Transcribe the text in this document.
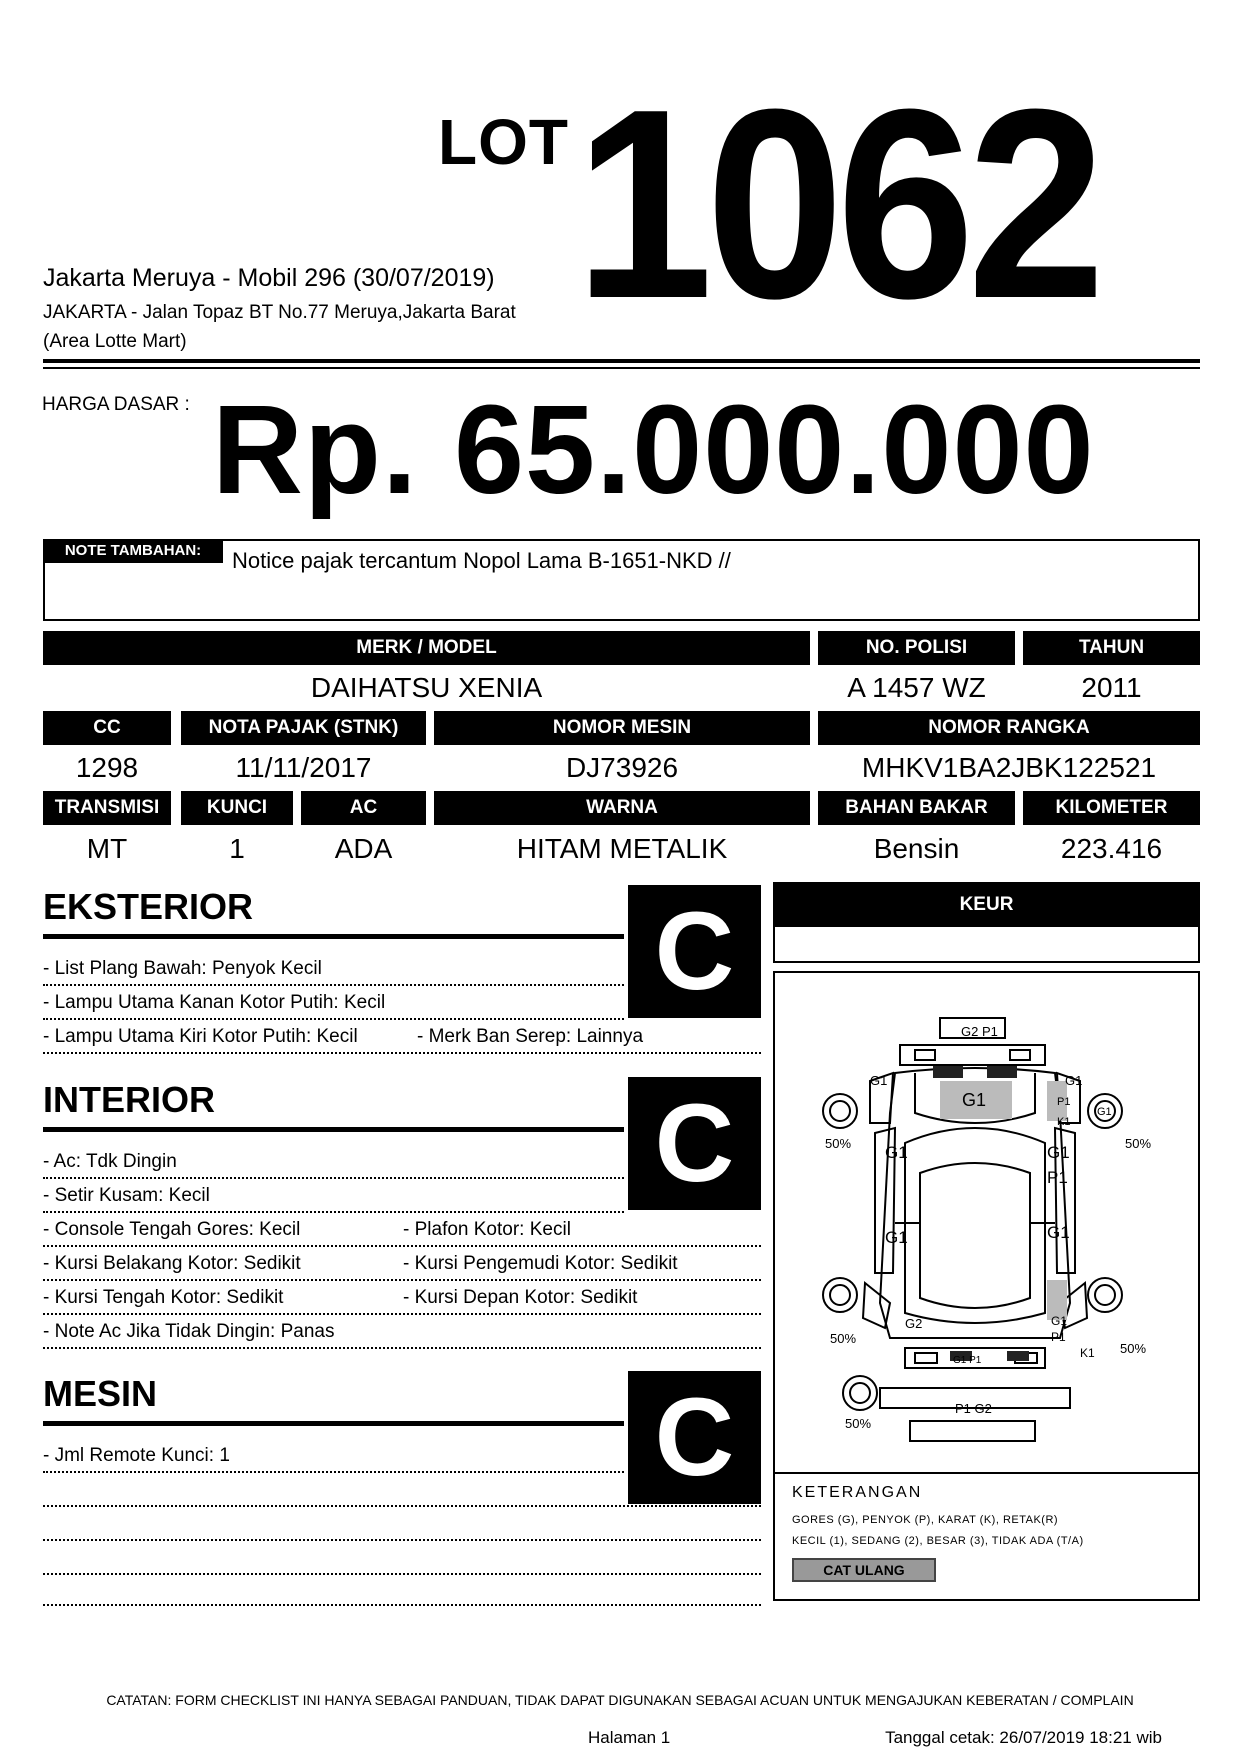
LOT 1062
Jakarta Meruya - Mobil 296 (30/07/2019)
JAKARTA - Jalan Topaz BT No.77 Meruya,Jakarta Barat (Area Lotte Mart)
HARGA DASAR : Rp. 65.000.000
NOTE TAMBAHAN:	Notice pajak tercantum Nopol Lama B-1651-NKD //
MERK / MODEL	NO. POLISI	TAHUN
DAIHATSU XENIA	A 1457 WZ	2011
CC	NOTA PAJAK (STNK)	NOMOR MESIN	NOMOR RANGKA
1298	11/11/2017	DJ73926	MHKV1BA2JBK122521
TRANSMISI	KUNCI	AC	WARNA	BAHAN BAKAR	KILOMETER
MT	1	ADA	HITAM METALIK	Bensin	223.416
EKSTERIOR	C
- List Plang Bawah: Penyok Kecil
- Lampu Utama Kanan Kotor Putih: Kecil
- Lampu Utama Kiri Kotor Putih: Kecil	- Merk Ban Serep: Lainnya
INTERIOR	C
- Ac: Tdk Dingin
- Setir Kusam: Kecil
- Console Tengah Gores: Kecil	- Plafon Kotor: Kecil
- Kursi Belakang Kotor: Sedikit	- Kursi Pengemudi Kotor: Sedikit
- Kursi Tengah Kotor: Sedikit	- Kursi Depan Kotor: Sedikit
- Note Ac Jika Tidak Dingin: Panas
MESIN	C
- Jml Remote Kunci: 1
KEUR
G2 P1
P1 G2
G1
G1	G1
P1
K1
G1
G1	G1
P1
G1	G1
G2	G1
P1
K1
G1 P1
50%	50%
50%
50%
50%
KETERANGAN
GORES (G), PENYOK (P), KARAT (K), RETAK(R)
KECIL (1), SEDANG (2), BESAR (3), TIDAK ADA (T/A)
CAT ULANG
CATATAN: FORM CHECKLIST INI HANYA SEBAGAI PANDUAN, TIDAK DAPAT DIGUNAKAN SEBAGAI ACUAN UNTUK MENGAJUKAN KEBERATAN / COMPLAIN
Halaman 1	Tanggal cetak: 26/07/2019 18:21 wib
